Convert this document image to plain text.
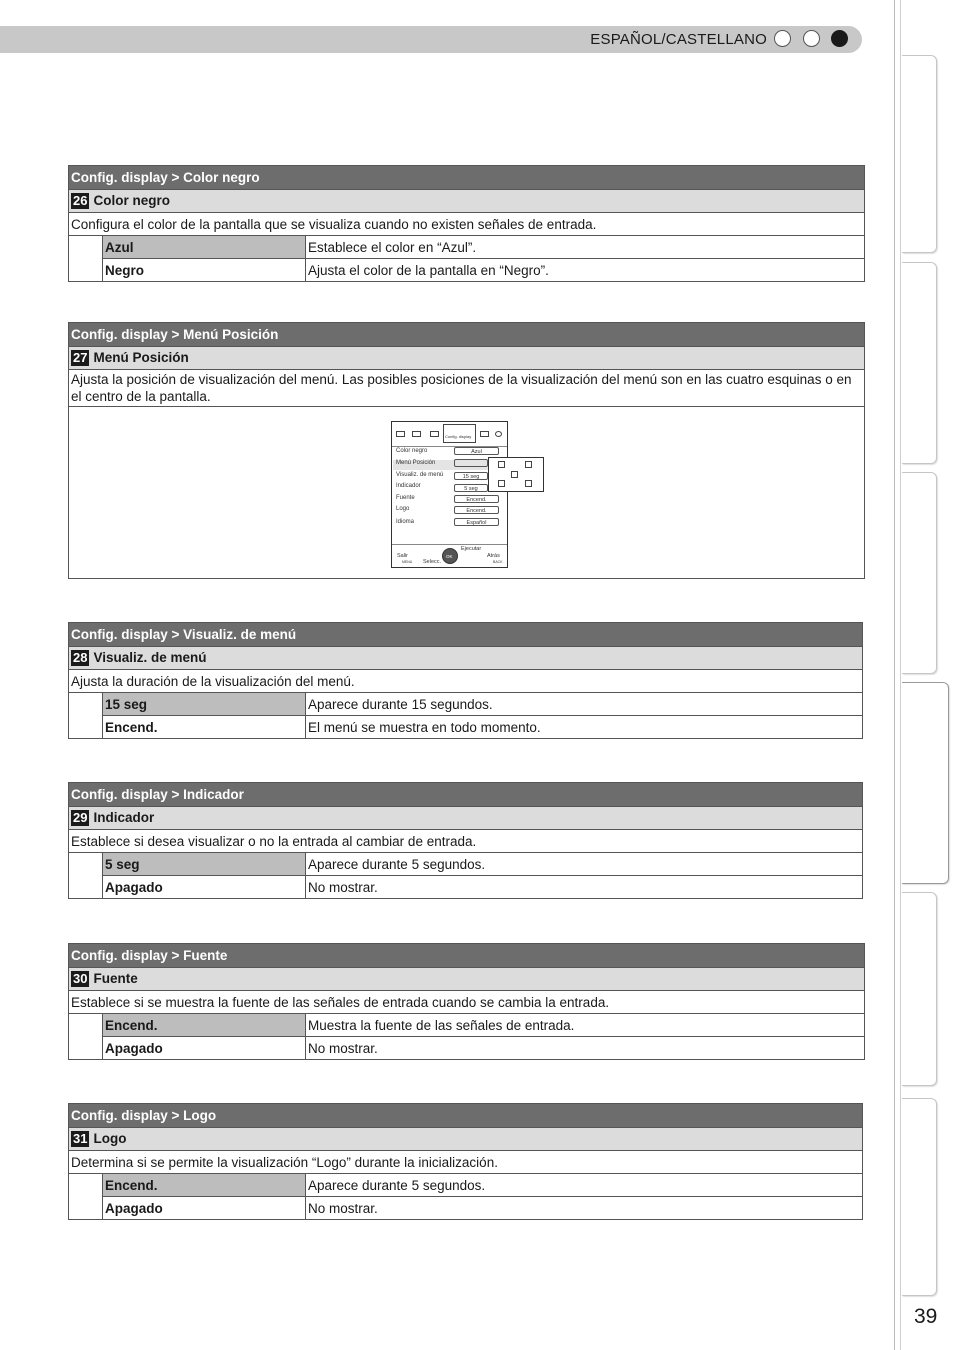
ESPAÑOL/CASTELLANO
39
Config. display > Color negro		
26 Color negro		
Configura el color de la pantalla que se visualiza cuando no existen señales de entrada.		
	Azul	Establece el color en “Azul”.
	Negro	Ajusta el color de la pantalla en “Negro”.
Config. display > Menú Posición
27 Menú Posición
Ajusta la posición de visualización del menú. Las posibles posiciones de la visualización del menú son en las cuatro esquinas o en el centro de la pantalla.

Config. display
Color negro	Azul
Menú Posición
Visualiz. de menú	15 seg
Indicador	5 seg
Fuente	Encend.
Logo	Encend.
Idioma	Español
Salir
MENU Selecc.
OK
Ejecutar
Atrás
BACK
Config. display > Visualiz. de menú		
28 Visualiz. de menú		
Ajusta la duración de la visualización del menú.		
	15 seg	Aparece durante 15 segundos.
	Encend.	El menú se muestra en todo momento.
Config. display > Indicador		
29 Indicador		
Establece si desea visualizar o no la entrada al cambiar de entrada.		
	5 seg	Aparece durante 5 segundos.
	Apagado	No mostrar.
Config. display > Fuente		
30 Fuente		
Establece si se muestra la fuente de las señales de entrada cuando se cambia la entrada.		
	Encend.	Muestra la fuente de las señales de entrada.
	Apagado	No mostrar.
Config. display > Logo		
31 Logo		
Determina si se permite la visualización “Logo” durante la inicialización.		
	Encend.	Aparece durante 5 segundos.
	Apagado	No mostrar.
